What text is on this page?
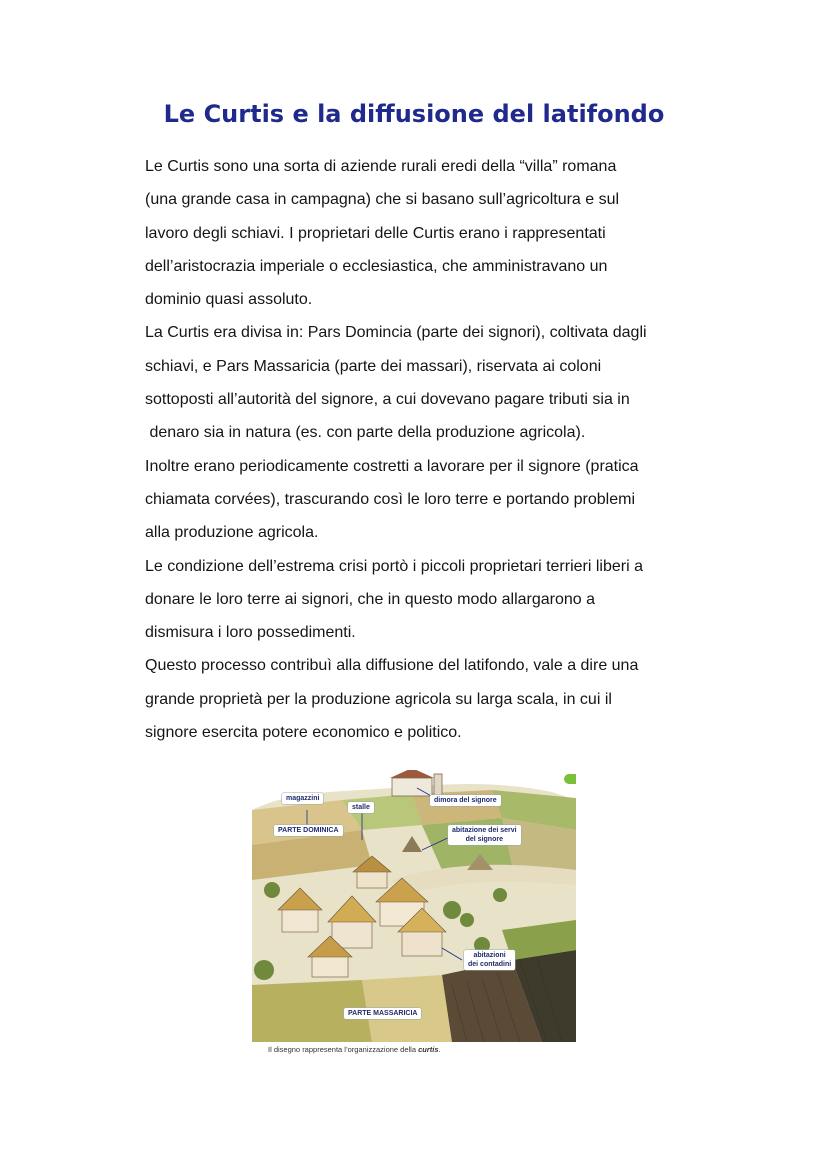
Le Curtis e la diffusione del latifondo
Le Curtis sono una sorta di aziende rurali eredi della “villa” romana
(una grande casa in campagna) che si basano sull’agricoltura e sul
lavoro degli schiavi. I proprietari delle Curtis erano i rappresentati
dell’aristocrazia imperiale o ecclesiastica, che amministravano un
dominio quasi assoluto.
La Curtis era divisa in: Pars Domincia (parte dei signori), coltivata dagli
schiavi, e Pars Massaricia (parte dei massari), riservata ai coloni
sottoposti all’autorità del signore, a cui dovevano pagare tributi sia in
denaro sia in natura (es. con parte della produzione agricola).
Inoltre erano periodicamente costretti a lavorare per il signore (pratica
chiamata corvées), trascurando così le loro terre e portando problemi
alla produzione agricola.
Le condizione dell’estrema crisi portò i piccoli proprietari terrieri liberi a
donare le loro terre ai signori, che in questo modo allargarono a
dismisura i loro possedimenti.
Questo processo contribuì alla diffusione del latifondo, vale a dire una
grande proprietà per la produzione agricola su larga scala, in cui il
signore esercita potere economico e politico.
magazzini
stalle
dimora del signore
PARTE DOMINICA	abitazione dei servi
del signore
abitazioni
dei contadini
PARTE MASSARICIA
Il disegno rappresenta l’organizzazione della curtis.
